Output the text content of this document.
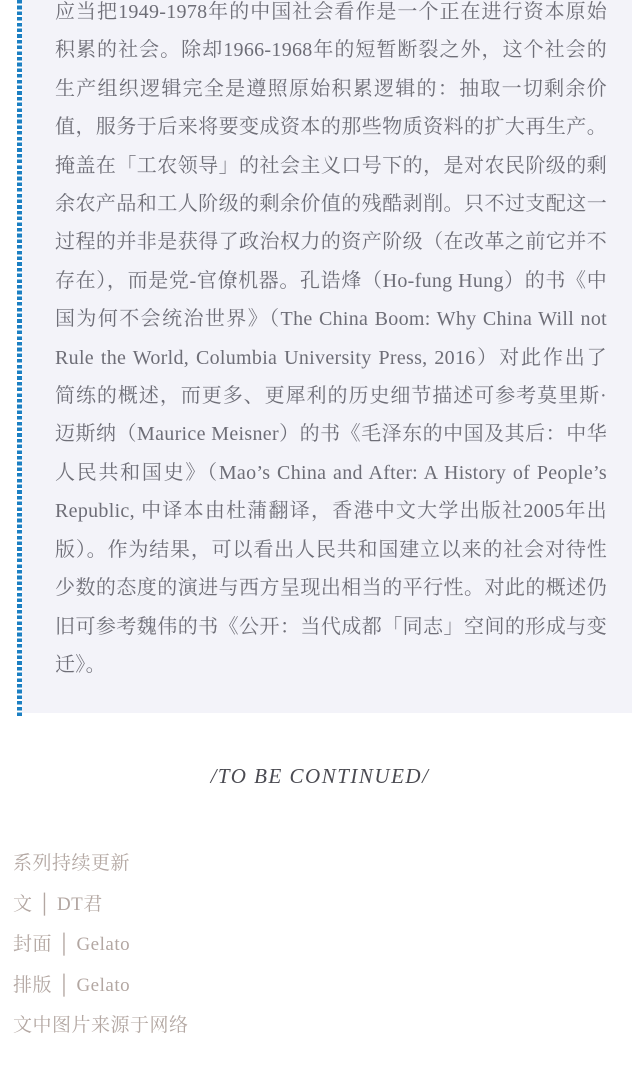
应当把1949-1978年的中国社会看作是一个正在进行资本原始积累的社会。除却1966-1968年的短暂断裂之外，这个社会的生产组织逻辑完全是遵照原始积累逻辑的：抽取一切剩余价值，服务于后来将要变成资本的那些物质资料的扩大再生产。掩盖在「工农领导」的社会主义口号下的，是对农民阶级的剩余农产品和工人阶级的剩余价值的残酷剥削。只不过支配这一过程的并非是获得了政治权力的资产阶级（在改革之前它并不存在），而是党-官僚机器。孔诰烽（Ho-fung Hung）的书《中国为何不会统治世界》（The China Boom: Why China Will not Rule the World, Columbia University Press, 2016）对此作出了简练的概述，而更多、更犀利的历史细节描述可参考莫里斯·迈斯纳（Maurice Meisner）的书《毛泽东的中国及其后：中华人民共和国史》（Mao’s China and After: A History of People’s Republic, 中译本由杜蒲翻译，香港中文大学出版社2005年出版）。作为结果，可以看出人民共和国建立以来的社会对待性少数的态度的演进与西方呈现出相当的平行性。对此的概述仍旧可参考魏伟的书《公开：当代成都「同志」空间的形成与变迁》。

/TO BE CONTINUED/
系列持续更新
文 │ DT君
封面 │ Gelato
排版 │ Gelato
文中图片来源于网络
